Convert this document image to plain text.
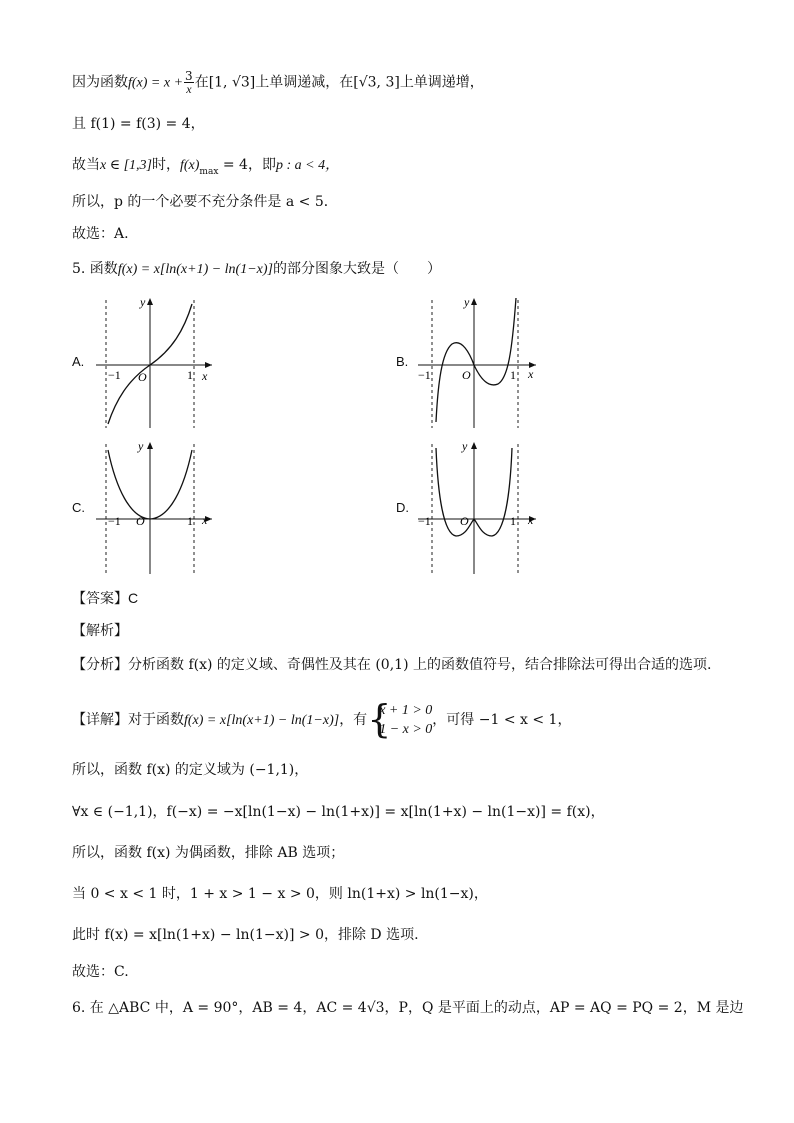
因为函数$f(x) = x + \frac{3}{x}$ 在[1, √3]上单调递减，在[√3, 3]上单调递增，
且 f(1) = f(3) = 4，
故当x ∈ [1,3]时，$f(x)_{max} = 4$，即p : a < 4，
所以，p 的一个必要不充分条件是 a < 5．
故选：A.
5. 函数f(x) = x[ln(x+1) − ln(1−x)]的部分图象大致是（　　）
A.	B.
C.	D.
y
x
O
−1	1
y
x
O
−1	1
y
x
O
−1	1
y
x
O
−1	1
【答案】C
【解析】
【分析】分析函数 f(x) 的定义域、奇偶性及其在 (0,1) 上的函数值符号，结合排除法可得出合适的选项.
【详解】对于函数f(x) = x[ln(x+1) − ln(1−x)]，有 {
x + 1 > 0
1 − x > 0
，可得 −1 < x < 1，
所以，函数 f(x) 的定义域为 (−1,1)，
∀x ∈ (−1,1)，f(−x) = −x[ln(1−x) − ln(1+x)] = x[ln(1+x) − ln(1−x)] = f(x)，
所以，函数 f(x) 为偶函数，排除 AB 选项；
当 0 < x < 1 时，1 + x > 1 − x > 0，则 ln(1+x) > ln(1−x)，
此时 f(x) = x[ln(1+x) − ln(1−x)] > 0，排除 D 选项.
故选：C.
6. 在 △ABC 中，A = 90°，AB = 4，AC = 4√3，P，Q 是平面上的动点，AP = AQ = PQ = 2，M 是边
